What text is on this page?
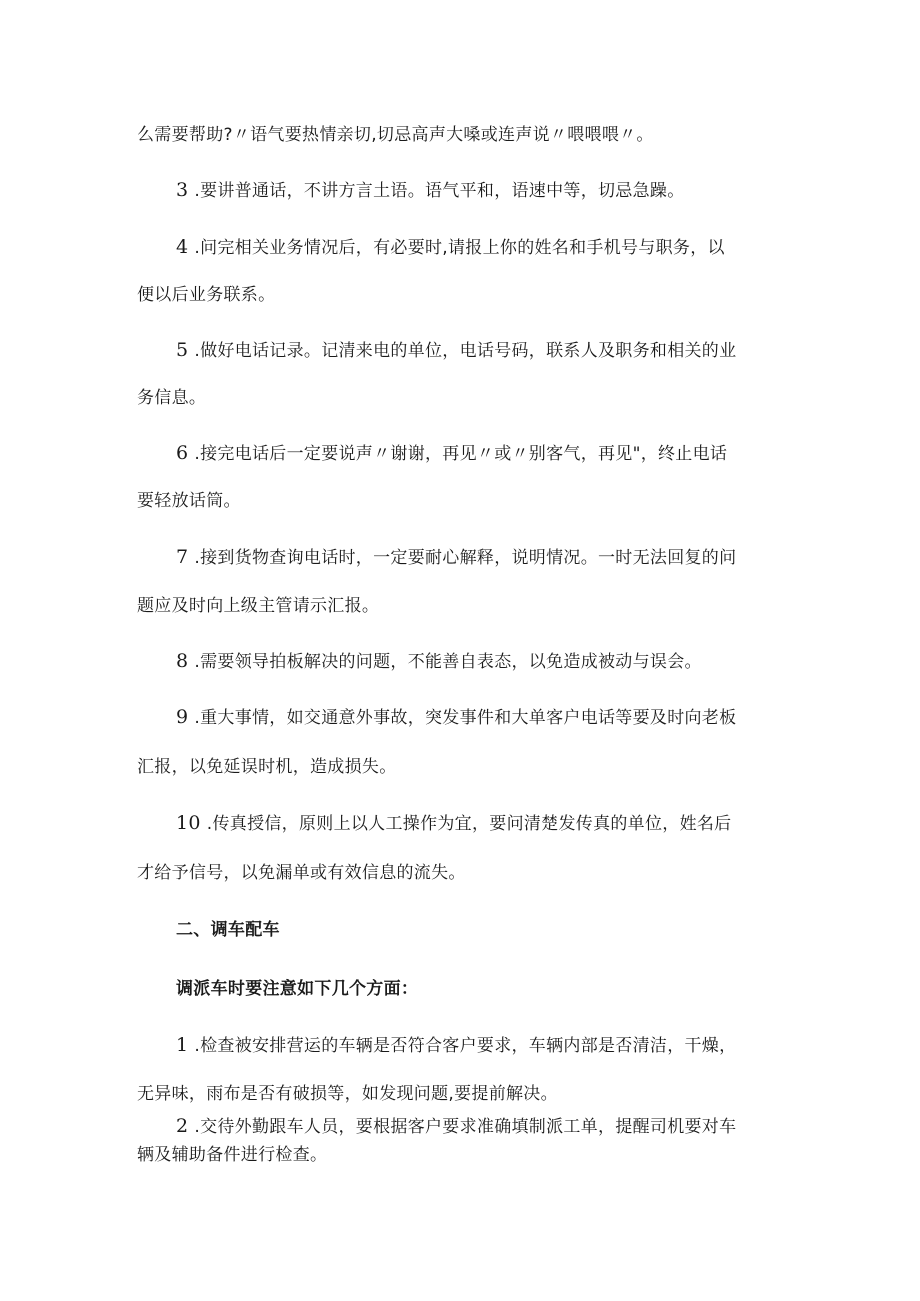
么需要帮助?〃语气要热情亲切,切忌高声大嗓或连声说〃喂喂喂〃。
3 .要讲普通话，不讲方言土语。语气平和，语速中等，切忌急躁。
4 .问完相关业务情况后，有必要时,请报上你的姓名和手机号与职务，以
便以后业务联系。
5 .做好电话记录。记清来电的单位，电话号码，联系人及职务和相关的业
务信息。
6 .接完电话后一定要说声〃谢谢，再见〃或〃别客气，再见"，终止电话
要轻放话筒。
7 .接到货物查询电话时，一定要耐心解释，说明情况。一时无法回复的问
题应及时向上级主管请示汇报。
8 .需要领导拍板解决的问题，不能善自表态，以免造成被动与误会。
9 .重大事情，如交通意外事故，突发事件和大单客户电话等要及时向老板
汇报，以免延误时机，造成损失。
10 .传真授信，原则上以人工操作为宜，要问清楚发传真的单位，姓名后
才给予信号，以免漏单或有效信息的流失。
二、调车配车
调派车时要注意如下几个方面：
1 .检查被安排营运的车辆是否符合客户要求，车辆内部是否清洁，干燥，
无异味，雨布是否有破损等，如发现问题,要提前解决。
2 .交待外勤跟车人员，要根据客户要求准确填制派工单，提醒司机要对车
辆及辅助备件进行检查。
